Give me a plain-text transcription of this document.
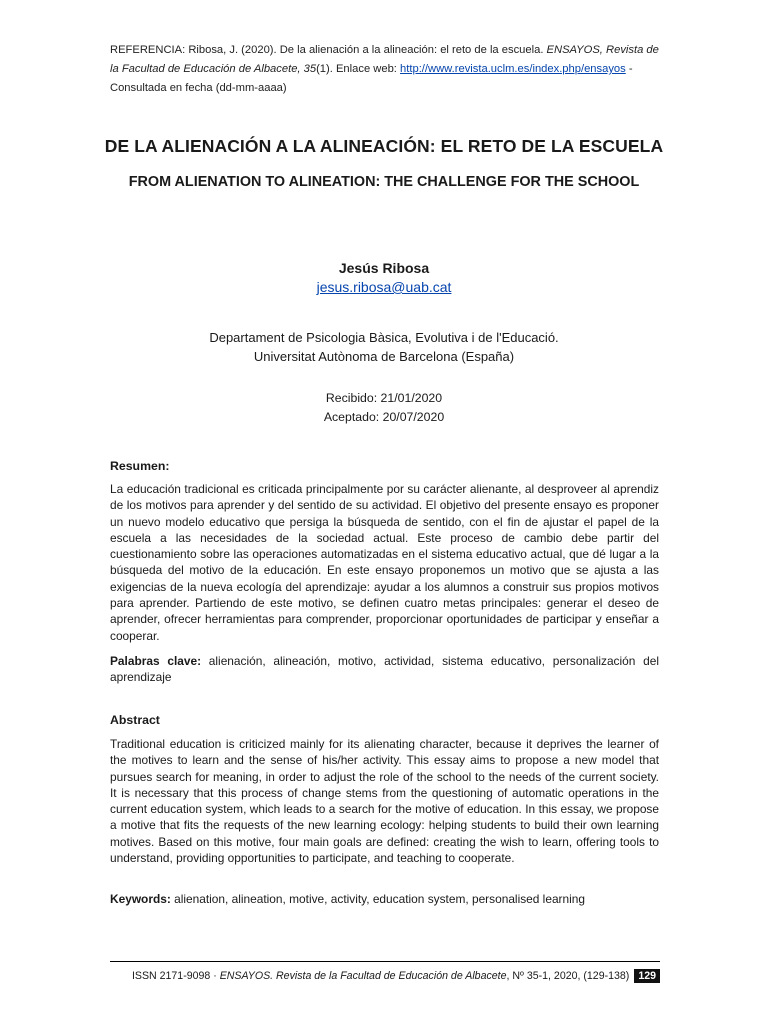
REFERENCIA: Ribosa, J. (2020). De la alienación a la alineación: el reto de la escuela. ENSAYOS, Revista de la Facultad de Educación de Albacete, 35(1). Enlace web: http://www.revista.uclm.es/index.php/ensayos - Consultada en fecha (dd-mm-aaaa)
DE LA ALIENACIÓN A LA ALINEACIÓN: EL RETO DE LA ESCUELA
FROM ALIENATION TO ALINEATION: THE CHALLENGE FOR THE SCHOOL
Jesús Ribosa
jesus.ribosa@uab.cat
Departament de Psicologia Bàsica, Evolutiva i de l'Educació.
Universitat Autònoma de Barcelona (España)
Recibido: 21/01/2020
Aceptado: 20/07/2020
Resumen:
La educación tradicional es criticada principalmente por su carácter alienante, al desproveer al aprendiz de los motivos para aprender y del sentido de su actividad. El objetivo del presente ensayo es proponer un nuevo modelo educativo que persiga la búsqueda de sentido, con el fin de ajustar el papel de la escuela a las necesidades de la sociedad actual. Este proceso de cambio debe partir del cuestionamiento sobre las operaciones automatizadas en el sistema educativo actual, que dé lugar a la búsqueda del motivo de la educación. En este ensayo proponemos un motivo que se ajusta a las exigencias de la nueva ecología del aprendizaje: ayudar a los alumnos a construir sus propios motivos para aprender. Partiendo de este motivo, se definen cuatro metas principales: generar el deseo de aprender, ofrecer herramientas para comprender, proporcionar oportunidades de participar y enseñar a cooperar.
Palabras clave: alienación, alineación, motivo, actividad, sistema educativo, personalización del aprendizaje
Abstract
Traditional education is criticized mainly for its alienating character, because it deprives the learner of the motives to learn and the sense of his/her activity. This essay aims to propose a new model that pursues search for meaning, in order to adjust the role of the school to the needs of the current society. It is necessary that this process of change stems from the questioning of automatic operations in the current education system, which leads to a search for the motive of education. In this essay, we propose a motive that fits the requests of the new learning ecology: helping students to build their own learning motives. Based on this motive, four main goals are defined: creating the wish to learn, offering tools to understand, providing opportunities to participate, and teaching to cooperate.
Keywords: alienation, alineation, motive, activity, education system, personalised learning
ISSN 2171-9098 · ENSAYOS. Revista de la Facultad de Educación de Albacete, Nº 35-1, 2020, (129-138) 129
